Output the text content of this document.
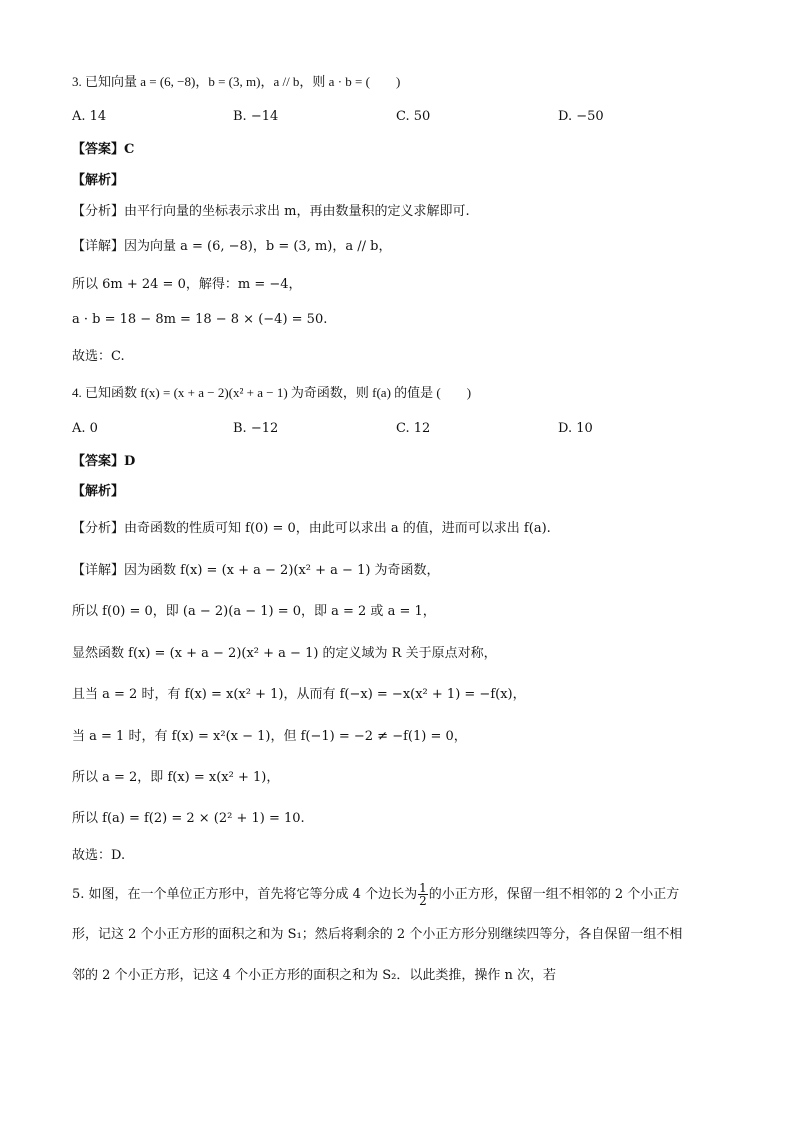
3. 已知向量 a = (6, −8)，b = (3, m)，a // b，则 a · b = (　　)
A. 14	B. −14	C. 50	D. −50
【答案】C
【解析】
【分析】由平行向量的坐标表示求出 m，再由数量积的定义求解即可.
【详解】因为向量 a = (6, −8)，b = (3, m)，a // b，
所以 6m + 24 = 0，解得：m = −4，
a · b = 18 − 8m = 18 − 8 × (−4) = 50.
故选：C.
4. 已知函数 f(x) = (x + a − 2)(x² + a − 1) 为奇函数，则 f(a) 的值是 (　　)
A. 0	B. −12	C. 12	D. 10
【答案】D
【解析】
【分析】由奇函数的性质可知 f(0) = 0，由此可以求出 a 的值，进而可以求出 f(a).
【详解】因为函数 f(x) = (x + a − 2)(x² + a − 1) 为奇函数，
所以 f(0) = 0，即 (a − 2)(a − 1) = 0，即 a = 2 或 a = 1，
显然函数 f(x) = (x + a − 2)(x² + a − 1) 的定义域为 R 关于原点对称，
且当 a = 2 时，有 f(x) = x(x² + 1)，从而有 f(−x) = −x(x² + 1) = −f(x)，
当 a = 1 时，有 f(x) = x²(x − 1)，但 f(−1) = −2 ≠ −f(1) = 0，
所以 a = 2，即 f(x) = x(x² + 1)，
所以 f(a) = f(2) = 2 × (2² + 1) = 10.
故选：D.
5. 如图，在一个单位正方形中，首先将它等分成 4 个边长为 $\frac{1}{2}$ 的小正方形，保留一组不相邻的 2 个小正方
形，记这 2 个小正方形的面积之和为 S₁；然后将剩余的 2 个小正方形分别继续四等分，各自保留一组不相
邻的 2 个小正方形，记这 4 个小正方形的面积之和为 S₂．以此类推，操作 n 次，若
